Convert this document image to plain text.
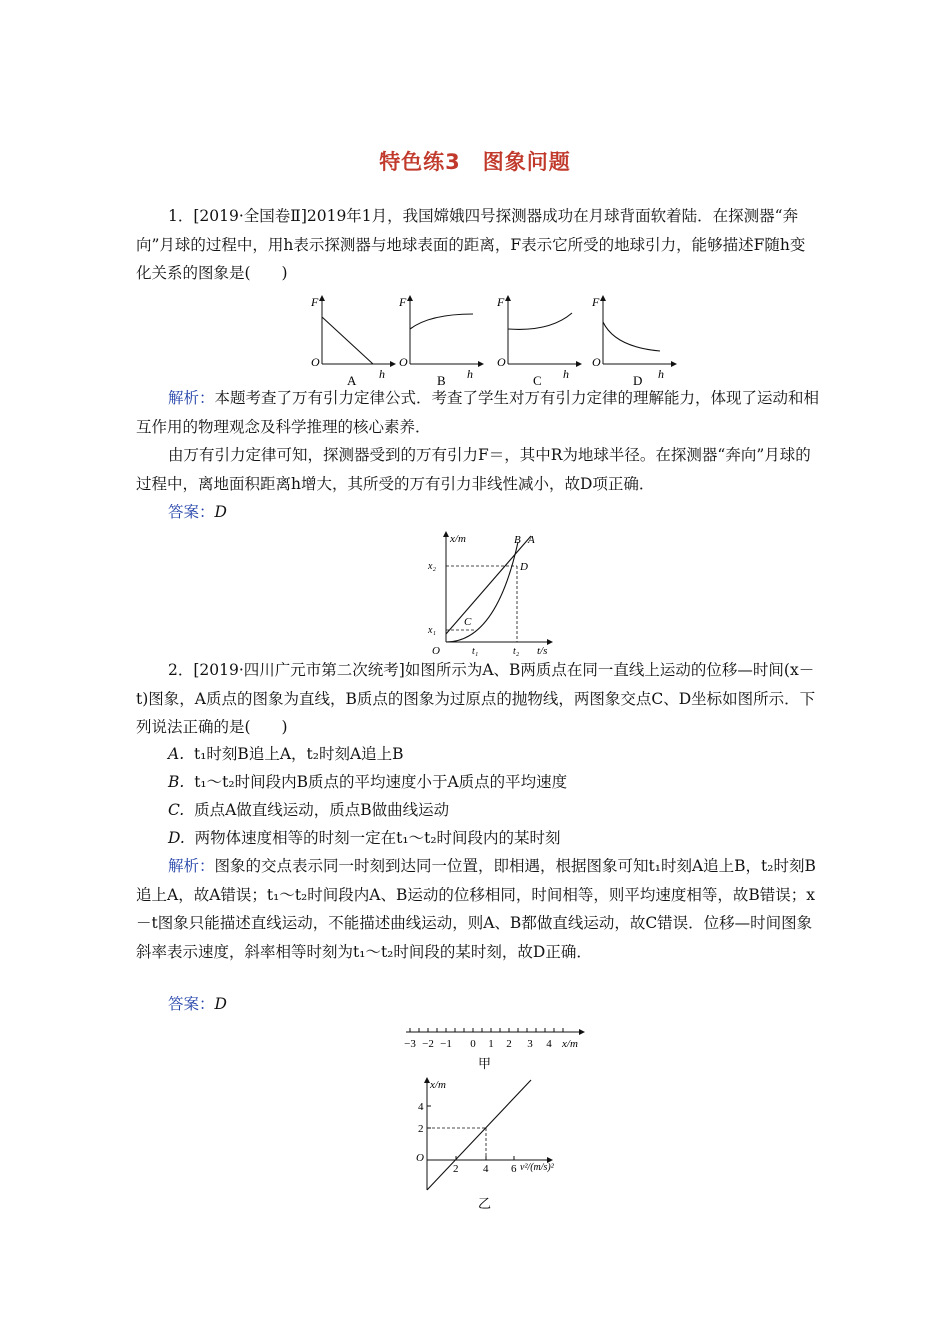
特色练3　图象问题
1．[2019·全国卷Ⅱ]2019年1月，我国嫦娥四号探测器成功在月球背面软着陆．在探测器“奔向”月球的过程中，用h表示探测器与地球表面的距离，F表示它所受的地球引力，能够描述F随h变化关系的图象是(　　)
F
O
h
A
F
O
h
B
F
O
h
C
F
O
h
D
解析：本题考查了万有引力定律公式．考查了学生对万有引力定律的理解能力，体现了运动和相互作用的物理观念及科学推理的核心素养．
由万有引力定律可知，探测器受到的万有引力F＝，其中R为地球半径。在探测器“奔向”月球的过程中，离地面积距离h增大，其所受的万有引力非线性减小，故D项正确．
答案：D
x/m
t/s
O
x₁
x₂
t₁	t₂
B A
C
D
2．[2019·四川广元市第二次统考]如图所示为A、B两质点在同一直线上运动的位移—时间(x－t)图象，A质点的图象为直线，B质点的图象为过原点的抛物线，两图象交点C、D坐标如图所示．下列说法正确的是(　　)
A. t₁时刻B追上A，t₂时刻A追上B
B. t₁～t₂时间段内B质点的平均速度小于A质点的平均速度
C. 质点A做直线运动，质点B做曲线运动
D. 两物体速度相等的时刻一定在t₁～t₂时间段内的某时刻
解析：图象的交点表示同一时刻到达同一位置，即相遇，根据图象可知t₁时刻A追上B，t₂时刻B追上A，故A错误；t₁～t₂时间段内A、B运动的位移相同，时间相等，则平均速度相等，故B错误；x－t图象只能描述直线运动，不能描述曲线运动，则A、B都做直线运动，故C错误．位移—时间图象斜率表示速度，斜率相等时刻为t₁～t₂时间段的某时刻，故D正确．
答案：D
−3 −2 −1 0 1 2 3 4 x/m
甲
x/m
O
4
2
2 4 6 v²/(m/s)²
乙
